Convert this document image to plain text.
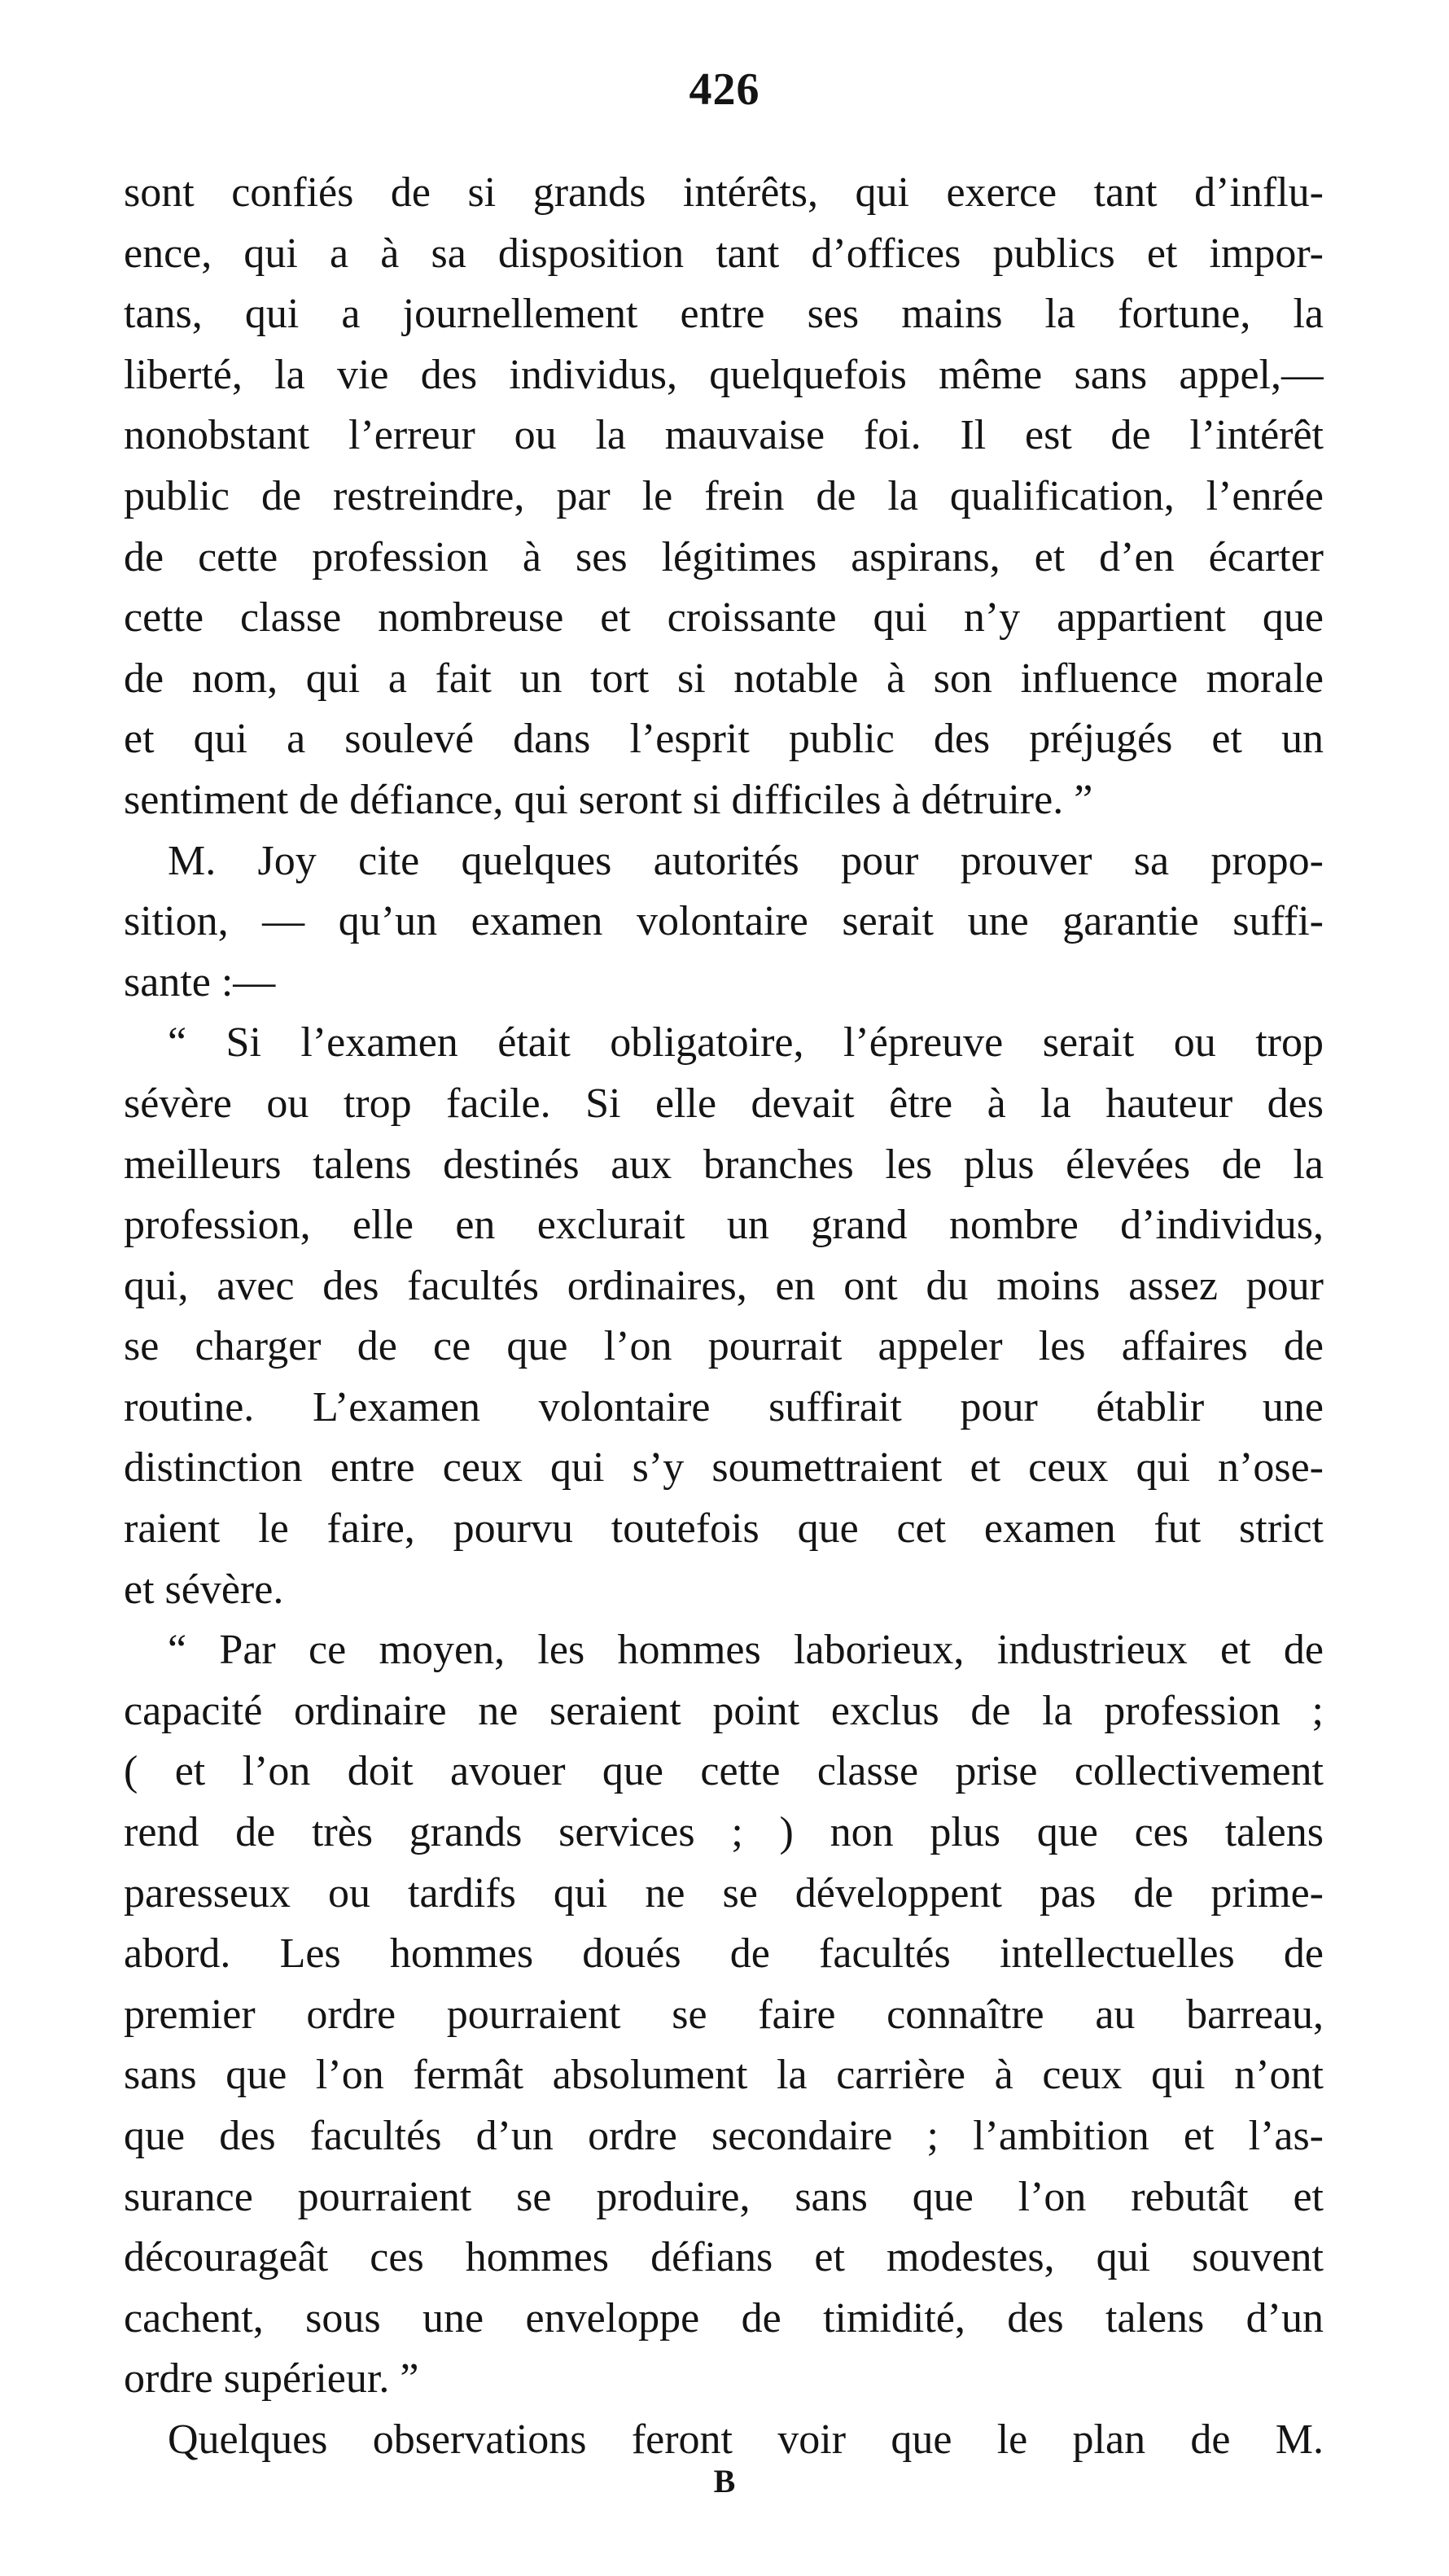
426
sont confiés de si grands intérêts, qui exerce tant d’influ-
ence, qui a à sa disposition tant d’offices publics et impor-
tans, qui a journellement entre ses mains la fortune, la
liberté, la vie des individus, quelquefois même sans appel,—
nonobstant l’erreur ou la mauvaise foi. Il est de l’intérêt
public de restreindre, par le frein de la qualification, l’enrée
de cette profession à ses légitimes aspirans, et d’en écarter
cette classe nombreuse et croissante qui n’y appartient que
de nom, qui a fait un tort si notable à son influence morale
et qui a soulevé dans l’esprit public des préjugés et un
sentiment de défiance, qui seront si difficiles à détruire. ”
M. Joy cite quelques autorités pour prouver sa propo-
sition, — qu’un examen volontaire serait une garantie suffi-
sante :—
“ Si l’examen était obligatoire, l’épreuve serait ou trop
sévère ou trop facile. Si elle devait être à la hauteur des
meilleurs talens destinés aux branches les plus élevées de la
profession, elle en exclurait un grand nombre d’individus,
qui, avec des facultés ordinaires, en ont du moins assez pour
se charger de ce que l’on pourrait appeler les affaires de
routine. L’examen volontaire suffirait pour établir une
distinction entre ceux qui s’y soumettraient et ceux qui n’ose-
raient le faire, pourvu toutefois que cet examen fut strict
et sévère.
“ Par ce moyen, les hommes laborieux, industrieux et de
capacité ordinaire ne seraient point exclus de la profession ;
( et l’on doit avouer que cette classe prise collectivement
rend de très grands services ; ) non plus que ces talens
paresseux ou tardifs qui ne se développent pas de prime-
abord. Les hommes doués de facultés intellectuelles de
premier ordre pourraient se faire connaître au barreau,
sans que l’on fermât absolument la carrière à ceux qui n’ont
que des facultés d’un ordre secondaire ; l’ambition et l’as-
surance pourraient se produire, sans que l’on rebutât et
décourageât ces hommes défians et modestes, qui souvent
cachent, sous une enveloppe de timidité, des talens d’un
ordre supérieur. ”
Quelques observations feront voir que le plan de M.
B
